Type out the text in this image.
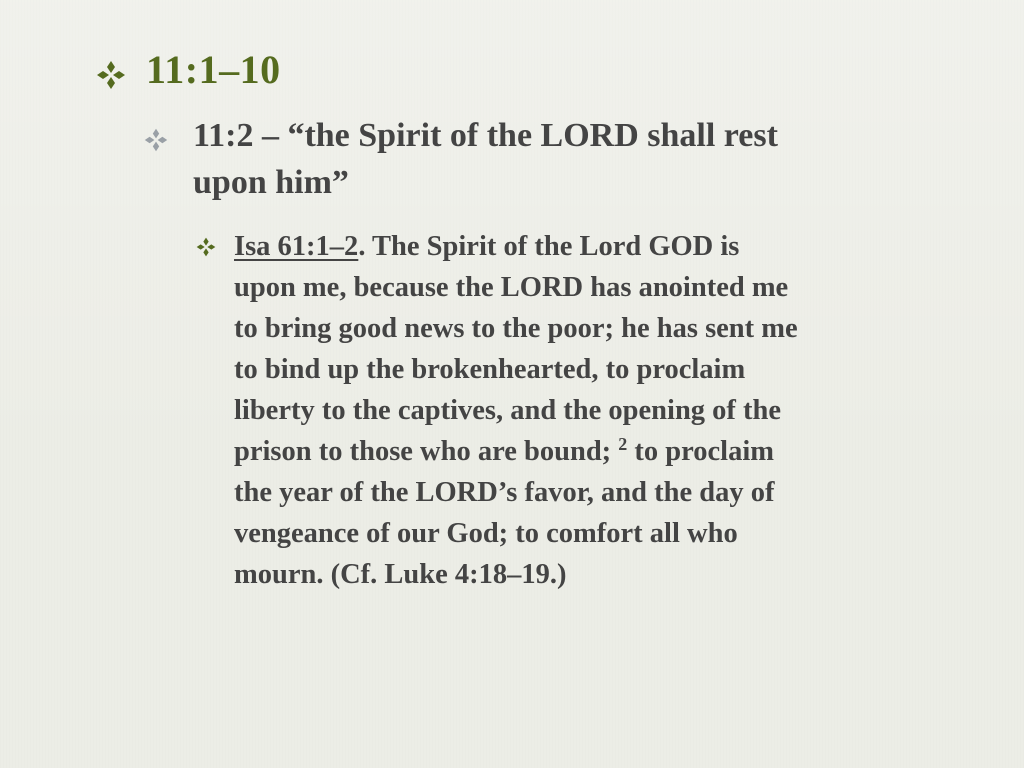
11:1–10
11:2 – “the Spirit of the LORD shall rest
upon him”
Isa 61:1–2. The Spirit of the Lord GOD is
upon me, because the LORD has anointed me
to bring good news to the poor; he has sent me
to bind up the brokenhearted, to proclaim
liberty to the captives, and the opening of the
prison to those who are bound; $^2$ to proclaim
the year of the LORD’s favor, and the day of
vengeance of our God; to comfort all who
mourn. (Cf. Luke 4:18–19.)
